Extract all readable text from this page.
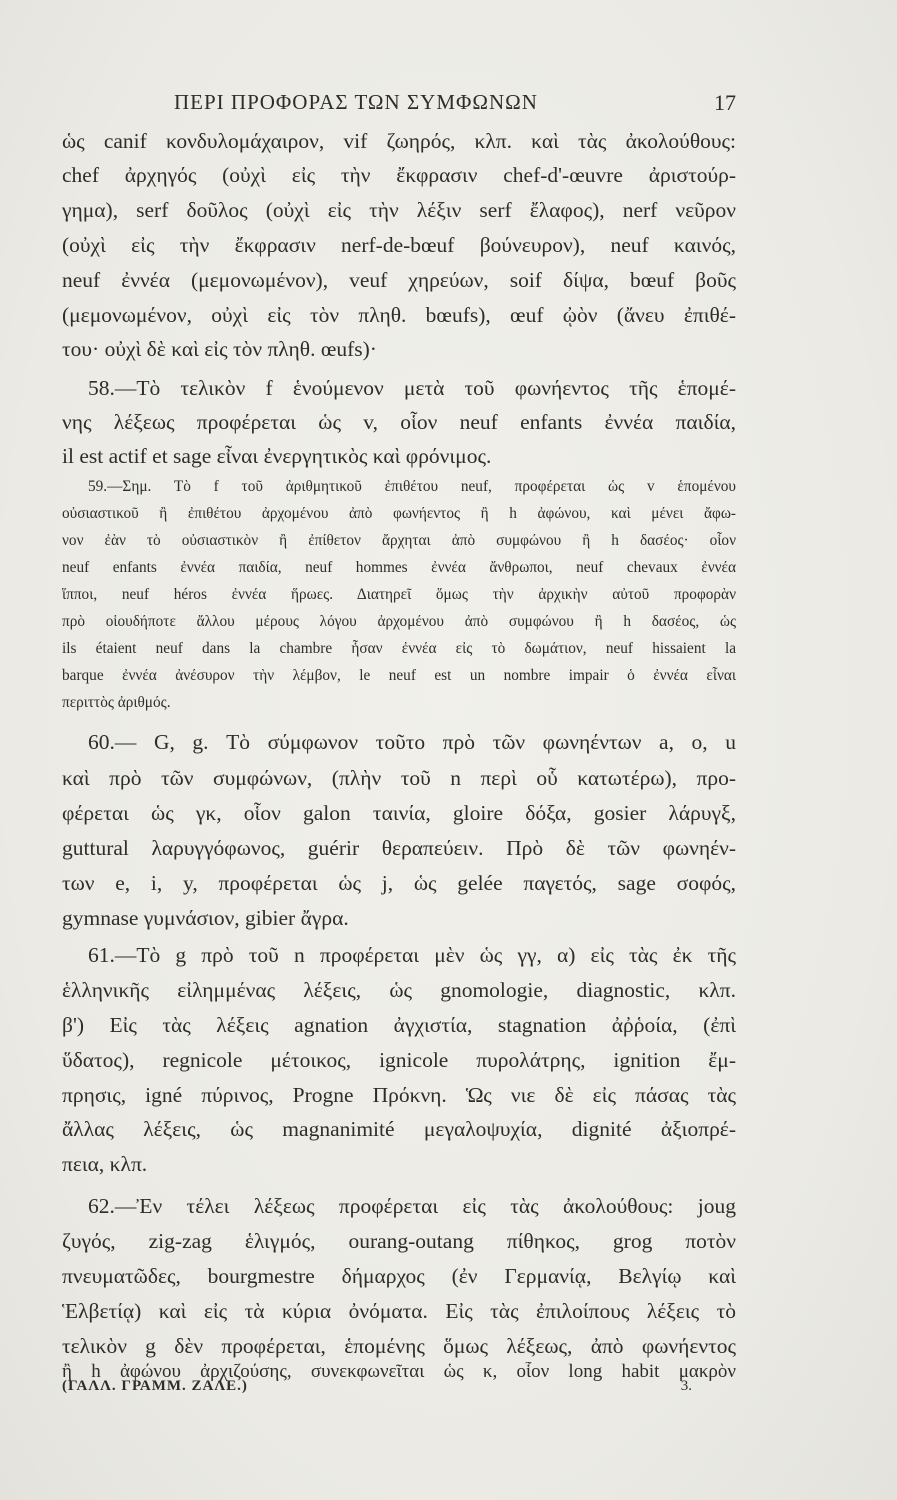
ΠΕΡΙ ΠΡΟΦΟΡΑΣ ΤΩΝ ΣΥΜΦΩΝΩΝ	17
ὡς canif κονδυλομάχαιρον, vif ζωηρός, κλπ. καὶ τὰς ἀκολούθους:
chef ἀρχηγός (οὐχὶ εἰς τὴν ἔκφρασιν chef-d'-œuvre ἀριστούρ-
γημα), serf δοῦλος (οὐχὶ εἰς τὴν λέξιν serf ἔλαφος), nerf νεῦρον
(οὐχὶ εἰς τὴν ἔκφρασιν nerf-de-bœuf βούνευρον), neuf καινός,
neuf ἐννέα (μεμονωμένον), veuf χηρεύων, soif δίψα, bœuf βοῦς
(μεμονωμένον, οὐχὶ εἰς τὸν πληθ. bœufs), œuf ᾠὸν (ἄνευ ἐπιθέ-
του· οὐχὶ δὲ καὶ εἰς τὸν πληθ. œufs)·
58.—Τὸ τελικὸν f ἑνούμενον μετὰ τοῦ φωνήεντος τῆς ἑπομέ-
νης λέξεως προφέρεται ὡς v, οἷον neuf enfants ἐννέα παιδία,
il est actif et sage εἶναι ἐνεργητικὸς καὶ φρόνιμος.
59.—Σημ. Τὸ f τοῦ ἀριθμητικοῦ ἐπιθέτου neuf, προφέρεται ὡς v ἑπομένου
οὐσιαστικοῦ ἢ ἐπιθέτου ἀρχομένου ἀπὸ φωνήεντος ἢ h ἀφώνου, καὶ μένει ἄφω-
νον ἐὰν τὸ οὐσιαστικὸν ἢ ἐπίθετον ἄρχηται ἀπὸ συμφώνου ἢ h δασέος· οἷον
neuf enfants ἐννέα παιδία, neuf hommes ἐννέα ἄνθρωποι, neuf chevaux ἐννέα
ἵπποι, neuf héros ἐννέα ἥρωες. Διατηρεῖ ὅμως τὴν ἀρχικὴν αὐτοῦ προφορὰν
πρὸ οἱουδήποτε ἄλλου μέρους λόγου ἀρχομένου ἀπὸ συμφώνου ἢ h δασέος, ὡς
ils étaient neuf dans la chambre ἦσαν ἐννέα εἰς τὸ δωμάτιον, neuf hissaient la
barque ἐννέα ἀνέσυρον τὴν λέμβον, le neuf est un nombre impair ὁ ἐννέα εἶναι
περιττὸς ἀριθμός.
60.— G, g. Τὸ σύμφωνον τοῦτο πρὸ τῶν φωνηέντων a, o, u
καὶ πρὸ τῶν συμφώνων, (πλὴν τοῦ n περὶ οὗ κατωτέρω), προ-
φέρεται ὡς γκ, οἷον galon ταινία, gloire δόξα, gosier λάρυγξ,
guttural λαρυγγόφωνος, guérir θεραπεύειν. Πρὸ δὲ τῶν φωνηέν-
των e, i, y, προφέρεται ὡς j, ὡς gelée παγετός, sage σοφός,
gymnase γυμνάσιον, gibier ἄγρα.
61.—Τὸ g πρὸ τοῦ n προφέρεται μὲν ὡς γγ, α) εἰς τὰς ἐκ τῆς
ἑλληνικῆς εἰλημμένας λέξεις, ὡς gnomologie, diagnostic, κλπ.
β') Εἰς τὰς λέξεις agnation ἀγχιστία, stagnation ἀῤῥοία, (ἐπὶ
ὕδατος), regnicole μέτοικος, ignicole πυρολάτρης, ignition ἔμ-
πρησις, igné πύρινος, Progne Πρόκνη. Ὡς νιε δὲ εἰς πάσας τὰς
ἄλλας λέξεις, ὡς magnanimité μεγαλοψυχία, dignité ἀξιοπρέ-
πεια, κλπ.
62.—Ἐν τέλει λέξεως προφέρεται εἰς τὰς ἀκολούθους: joug
ζυγός, zig-zag ἑλιγμός, ourang-outang πίθηκος, grog ποτὸν
πνευματῶδες, bourgmestre δήμαρχος (ἐν Γερμανίᾳ, Βελγίῳ καὶ
Ἑλβετίᾳ) καὶ εἰς τὰ κύρια ὀνόματα. Εἰς τὰς ἐπιλοίπους λέξεις τὸ
τελικὸν g δὲν προφέρεται, ἑπομένης ὅμως λέξεως, ἀπὸ φωνήεντος
ἢ h ἀφώνου ἀρχιζούσης, συνεκφωνεῖται ὡς κ, οἷον long habit μακρὸν
(ΓΑΛΛ. ΓΡΑΜΜ. ΖΑΛΕ.)	3.
